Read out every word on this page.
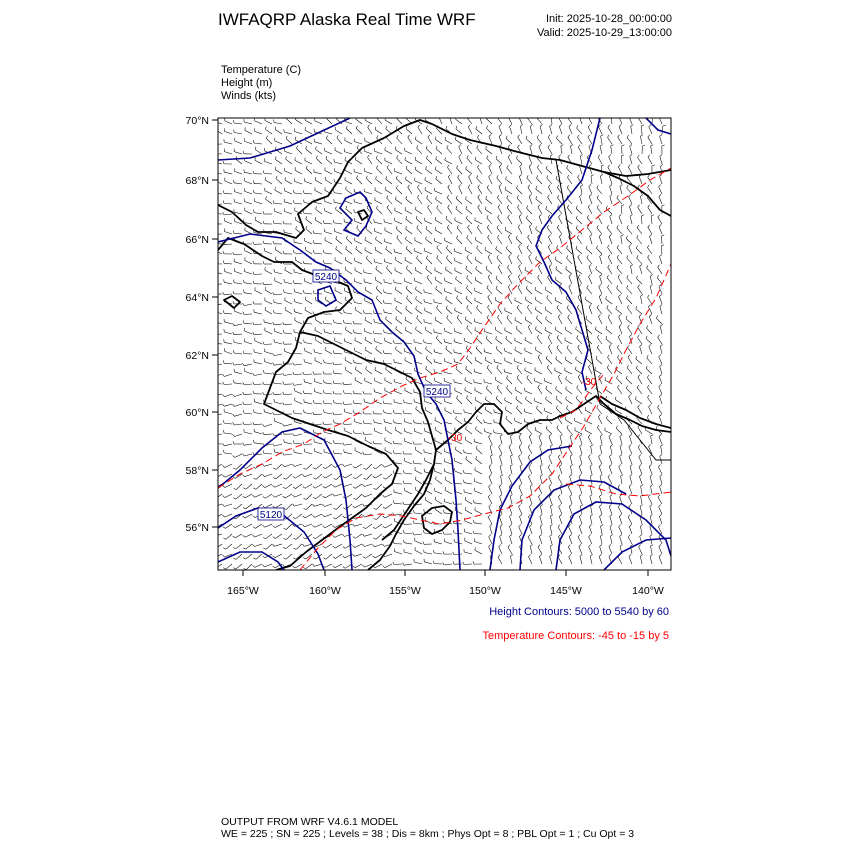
IWFAQRP Alaska Real Time WRF	Init: 2025-10-28_00:00:00
Valid: 2025-10-29_13:00:00
Temperature (C)
Height (m)
Winds (kts)
5240
5240
5120
-30
-30
70°N
68°N
66°N
64°N
62°N
60°N
58°N
56°N
165°W	160°W	155°W	150°W	145°W	140°W
Height Contours: 5000 to 5540 by 60
Temperature Contours: -45 to -15 by 5
OUTPUT FROM WRF V4.6.1 MODEL
WE = 225 ; SN = 225 ; Levels = 38 ; Dis = 8km ; Phys Opt = 8 ; PBL Opt = 1 ; Cu Opt = 3
